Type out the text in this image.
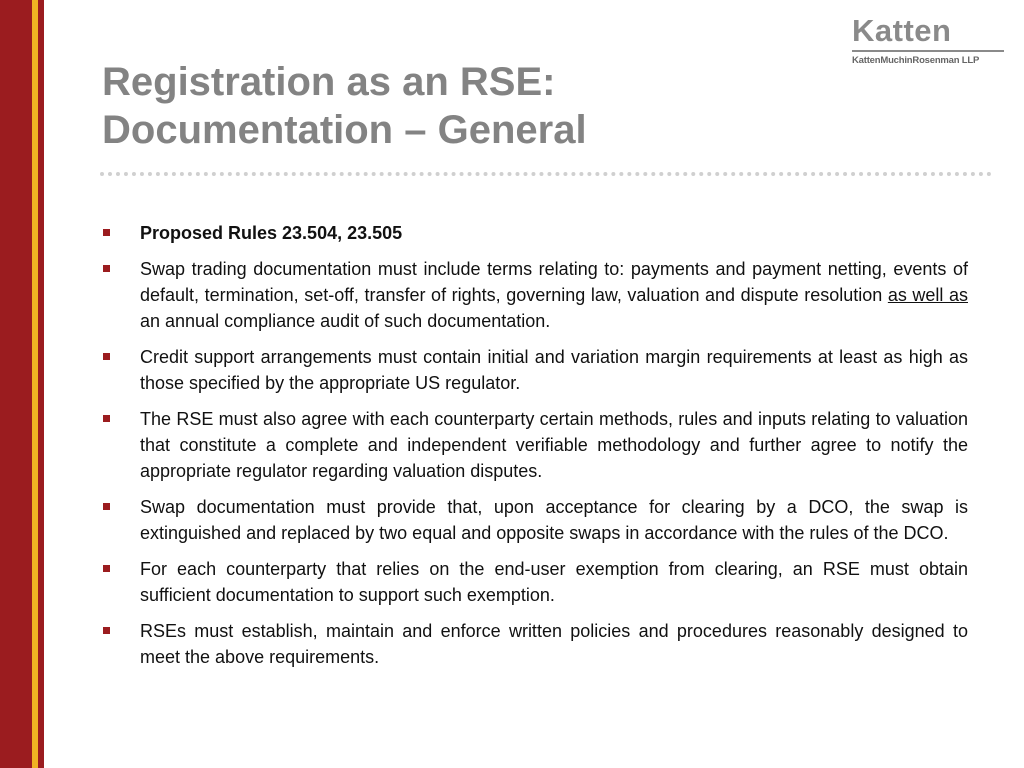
Katten
KattenMuchinRosenman LLP
Registration as an RSE:
Documentation – General
Proposed Rules 23.504, 23.505
Swap trading documentation must include terms relating to: payments and payment netting, events of default, termination, set-off, transfer of rights, governing law, valuation and dispute resolution as well as an annual compliance audit of such documentation.
Credit support arrangements must contain initial and variation margin requirements at least as high as those specified by the appropriate US regulator.
The RSE must also agree with each counterparty certain methods, rules and inputs relating to valuation that constitute a complete and independent verifiable methodology and further agree to notify the appropriate regulator regarding valuation disputes.
Swap documentation must provide that, upon acceptance for clearing by a DCO, the swap is extinguished and replaced by two equal and opposite swaps in accordance with the rules of the DCO.
For each counterparty that relies on the end-user exemption from clearing, an RSE must obtain sufficient documentation to support such exemption.
RSEs must establish, maintain and enforce written policies and procedures reasonably designed to meet the above requirements.
